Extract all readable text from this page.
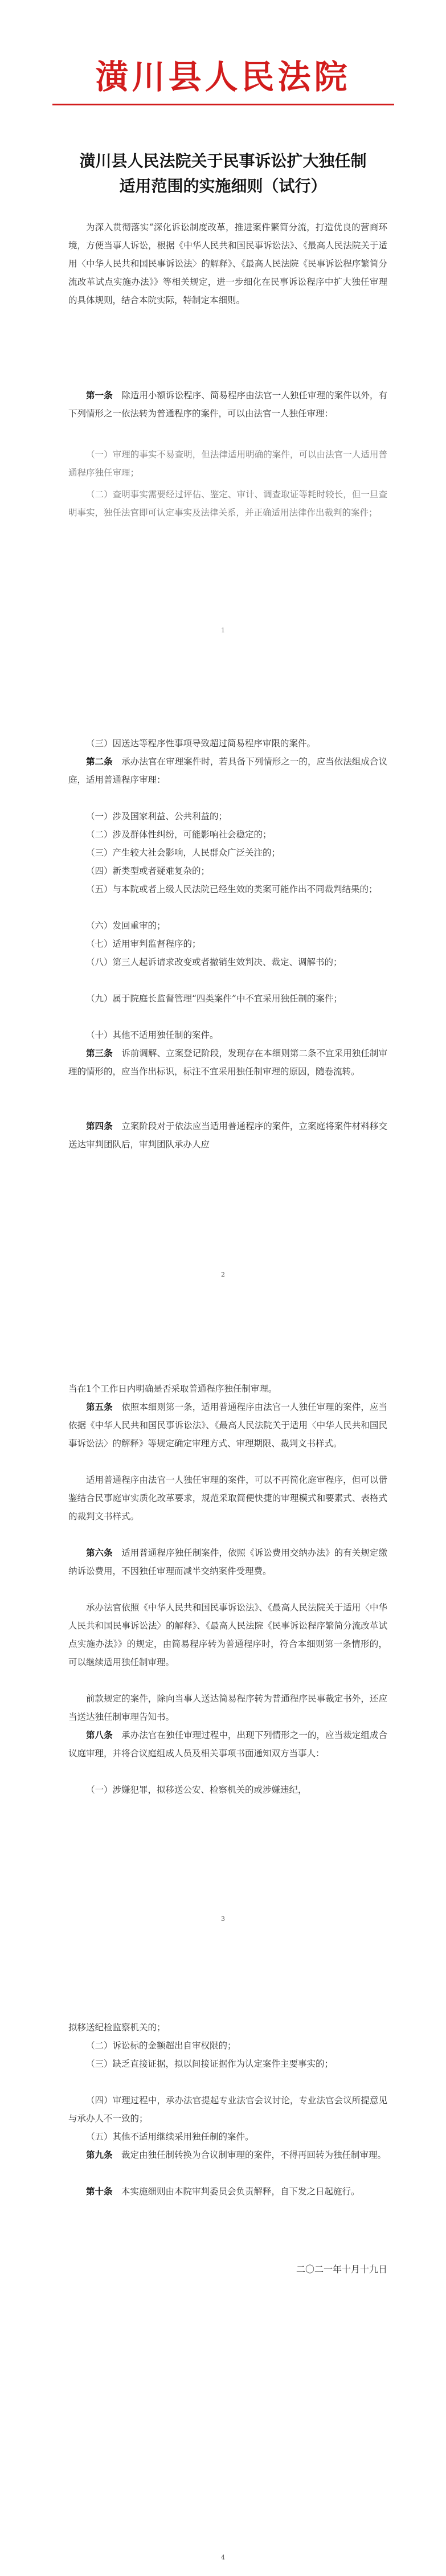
潢川县人民法院
潢川县人民法院关于民事诉讼扩大独任制
适用范围的实施细则（试行）

为深入贯彻落实“深化诉讼制度改革，推进案件繁简分流，打造优良的营商环境，方便当事人诉讼，根据《中华人民共和国民事诉讼法》、《最高人民法院关于适用〈中华人民共和国民事诉讼法〉的解释》、《最高人民法院《民事诉讼程序繁简分流改革试点实施办法》》等相关规定，进一步细化在民事诉讼程序中扩大独任审理的具体规则，结合本院实际，特制定本细则。

第一条　 除适用小额诉讼程序、简易程序由法官一人独任审理的案件以外，有下列情形之一依法转为普通程序的案件，可以由法官一人独任审理：

（一）审理的事实不易查明，但法律适用明确的案件，可以由法官一人适用普通程序独任审理；

（二）查明事实需要经过评估、鉴定、审计、调查取证等耗时较长，但一旦查明事实，独任法官即可认定事实及法律关系，并正确适用法律作出裁判的案件；

1

（三）因送达等程序性事项导致超过简易程序审限的案件。

第二条　 承办法官在审理案件时，若具备下列情形之一的，应当依法组成合议庭，适用普通程序审理：

（一）涉及国家利益、公共利益的；

（二）涉及群体性纠纷，可能影响社会稳定的；

（三）产生较大社会影响，人民群众广泛关注的；

（四）新类型或者疑难复杂的；

（五）与本院或者上级人民法院已经生效的类案可能作出不同裁判结果的；

（六）发回重审的；

（七）适用审判监督程序的；

（八）第三人起诉请求改变或者撤销生效判决、裁定、调解书的；

（九）属于院庭长监督管理“四类案件”中不宜采用独任制的案件；

（十）其他不适用独任制的案件。

第三条　 诉前调解、立案登记阶段，发现存在本细则第二条不宜采用独任制审理的情形的，应当作出标识，标注不宜采用独任制审理的原因，随卷流转。

第四条　 立案阶段对于依法应当适用普通程序的案件，立案庭将案件材料移交送达审判团队后，审判团队承办人应

2

当在1个工作日内明确是否采取普通程序独任制审理。

第五条　 依照本细则第一条，适用普通程序由法官一人独任审理的案件，应当依据《中华人民共和国民事诉讼法》、《最高人民法院关于适用〈中华人民共和国民事诉讼法〉的解释》等规定确定审理方式、审理期限、裁判文书样式。

适用普通程序由法官一人独任审理的案件，可以不再简化庭审程序，但可以借鉴结合民事庭审实质化改革要求，规范采取简便快捷的审理模式和要素式、表格式的裁判文书样式。

第六条　 适用普通程序独任制案件，依照《诉讼费用交纳办法》的有关规定缴纳诉讼费用，不因独任审理而减半交纳案件受理费。

承办法官依照《中华人民共和国民事诉讼法》、《最高人民法院关于适用〈中华人民共和国民事诉讼法〉的解释》、《最高人民法院《民事诉讼程序繁简分流改革试点实施办法》》的规定，由简易程序转为普通程序时，符合本细则第一条情形的，可以继续适用独任制审理。

前款规定的案件，除向当事人送达简易程序转为普通程序民事裁定书外，还应当送达独任制审理告知书。

第八条　 承办法官在独任审理过程中，出现下列情形之一的，应当裁定组成合议庭审理，并将合议庭组成人员及相关事项书面通知双方当事人：

（一）涉嫌犯罪，拟移送公安、检察机关的或涉嫌违纪，

3

拟移送纪检监察机关的；

（二）诉讼标的金额超出自审权限的；

（三）缺乏直接证据，拟以间接证据作为认定案件主要事实的；

（四）审理过程中，承办法官提起专业法官会议讨论，专业法官会议所提意见与承办人不一致的；

（五）其他不适用继续采用独任制的案件。

第九条　 裁定由独任制转换为合议制审理的案件，不得再回转为独任制审理。

第十条　 本实施细则由本院审判委员会负责解释，自下发之日起施行。

二〇二一年十月十九日
4
